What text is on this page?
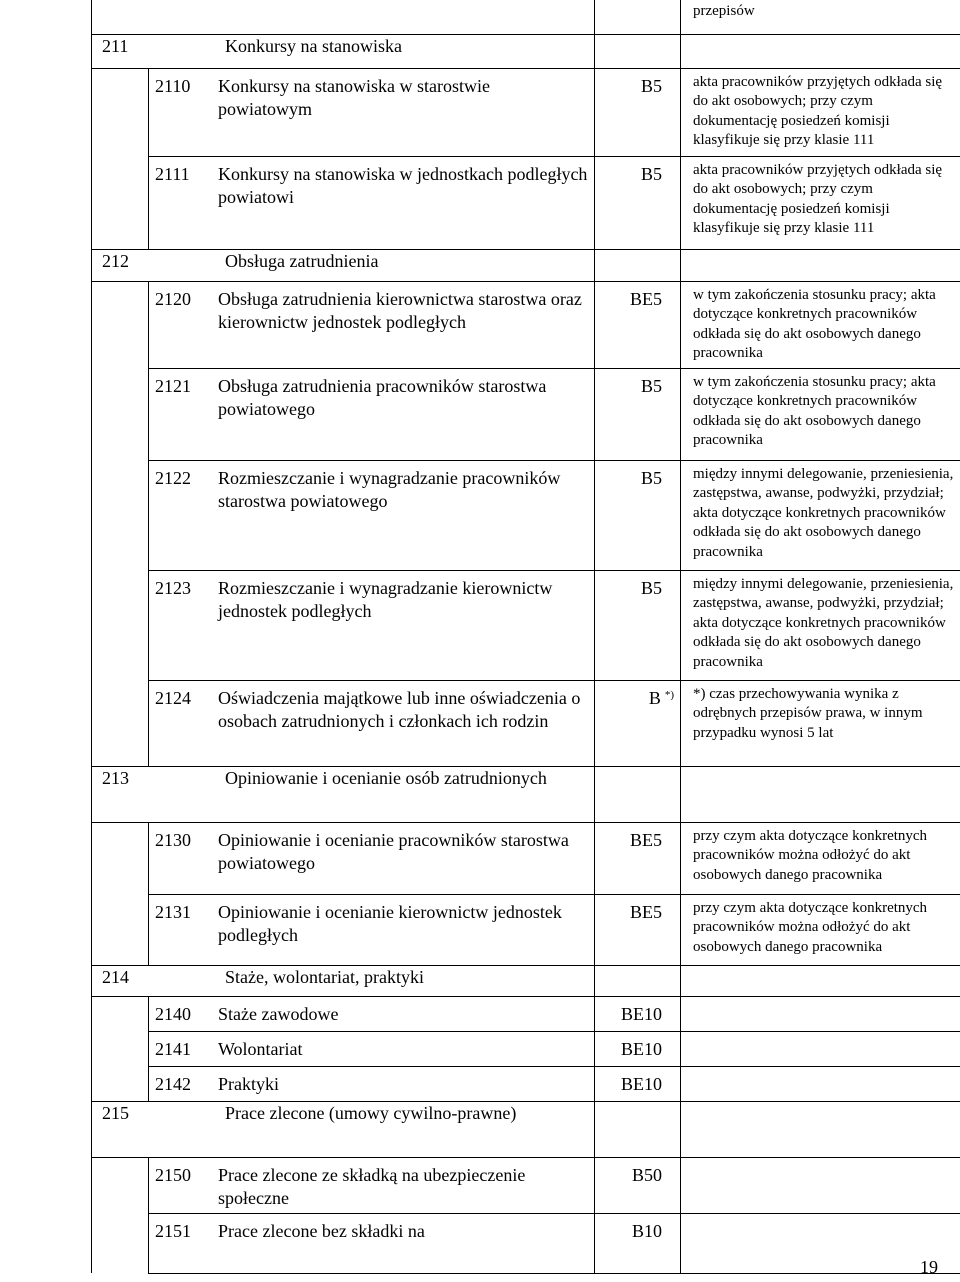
			przepisów

211 Konkursy na stanowiska			

	2110 Konkursy na stanowiska w starostwie powiatowym	B5	akta pracowników przyjętych odkłada się do akt osobowych; przy czym dokumentację posiedzeń komisji klasyfikuje się przy klasie 111

	2111 Konkursy na stanowiska w jednostkach podległych powiatowi	B5	akta pracowników przyjętych odkłada się do akt osobowych; przy czym dokumentację posiedzeń komisji klasyfikuje się przy klasie 111

212 Obsługa zatrudnienia			

	2120 Obsługa zatrudnienia kierownictwa starostwa oraz kierownictw jednostek podległych	BE5	w tym zakończenia stosunku pracy; akta dotyczące konkretnych pracowników odkłada się do akt osobowych danego pracownika

	2121 Obsługa zatrudnienia pracowników starostwa powiatowego	B5	w tym zakończenia stosunku pracy; akta dotyczące konkretnych pracowników odkłada się do akt osobowych danego pracownika

	2122 Rozmieszczanie i wynagradzanie pracowników starostwa powiatowego	B5	między innymi delegowanie, przeniesienia, zastępstwa, awanse, podwyżki, przydział; akta dotyczące konkretnych pracowników odkłada się do akt osobowych danego pracownika

	2123 Rozmieszczanie i wynagradzanie kierownictw jednostek podległych	B5	między innymi delegowanie, przeniesienia, zastępstwa, awanse, podwyżki, przydział; akta dotyczące konkretnych pracowników odkłada się do akt osobowych danego pracownika

	2124 Oświadczenia majątkowe lub inne oświadczenia o osobach zatrudnionych i członkach ich rodzin	B *)	*) czas przechowywania wynika z odrębnych przepisów prawa, w innym przypadku wynosi 5 lat

213 Opiniowanie i ocenianie osób zatrudnionych			

	2130 Opiniowanie i ocenianie pracowników starostwa powiatowego	BE5	przy czym akta dotyczące konkretnych pracowników można odłożyć do akt osobowych danego pracownika

	2131 Opiniowanie i ocenianie kierownictw jednostek podległych	BE5	przy czym akta dotyczące konkretnych pracowników można odłożyć do akt osobowych danego pracownika

214 Staże, wolontariat, praktyki			

	2140 Staże zawodowe	BE10	

	2141 Wolontariat	BE10	

	2142 Praktyki	BE10	

215 Prace zlecone (umowy cywilno-prawne)			

	2150 Prace zlecone ze składką na ubezpieczenie społeczne	B50	

	2151 Prace zlecone bez składki na	B10	

19
